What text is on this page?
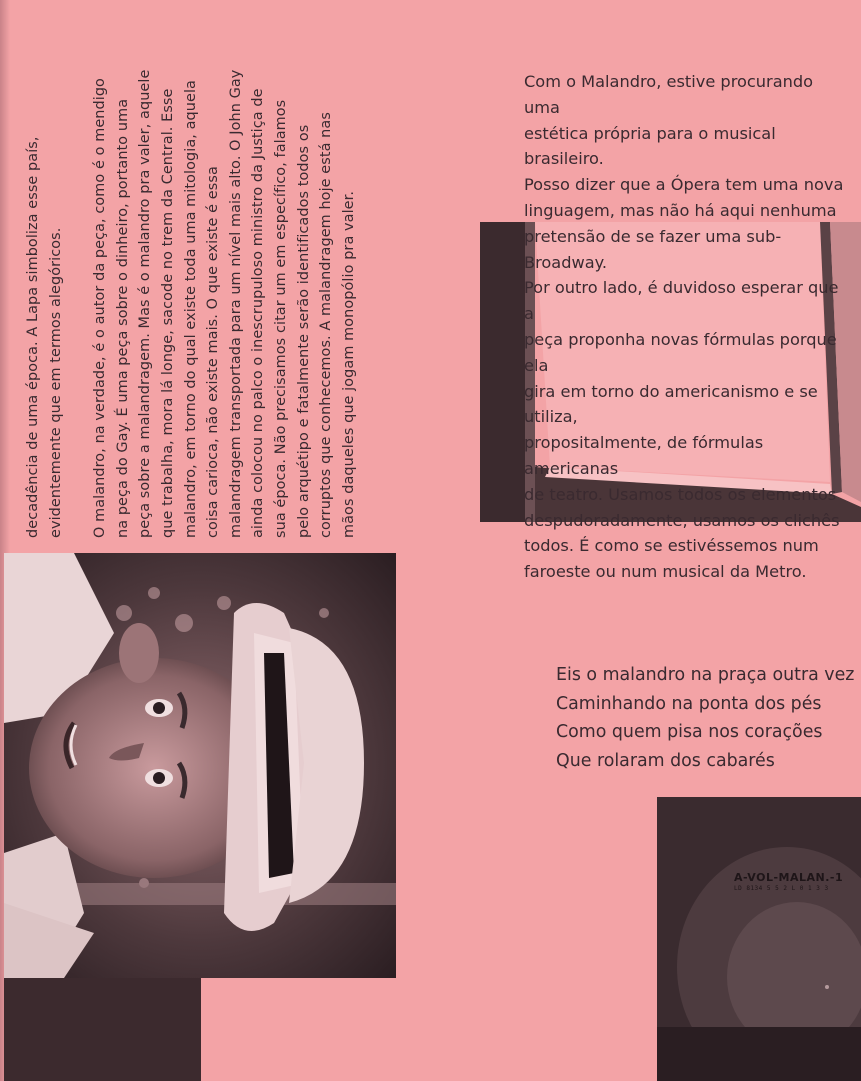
decadência de uma época. A Lapa simboliza esse país, evidentemente que em termos alegóricos. O malandro, na verdade, é o autor da peça, como é o mendigo na peça do Gay. É uma peça sobre o dinheiro, portanto uma peça sobre a malandragem. Mas é o malandro pra valer, aquele que trabalha, mora lá longe, sacode no trem da Central. Esse malandro, em torno do qual existe toda uma mitologia, aquela coisa carioca, não existe mais. O que existe é essa malandragem transportada para um nível mais alto. O John Gay ainda colocou no palco o inescrupuloso ministro da Justiça de sua época. Não precisamos citar um em específico, falamos pelo arquétipo e fatalmente serão identificados todos os corruptos que conhecemos. A malandragem hoje está nas mãos daqueles que jogam monopólio pra valer.

Com o Malandro, estive procurando uma

estética própria para o musical brasileiro.

Posso dizer que a Ópera tem uma nova

linguagem, mas não há aqui nenhuma

pretensão de se fazer uma sub-Broadway.

Por outro lado, é duvidoso esperar que a

peça proponha novas fórmulas porque ela

gira em torno do americanismo e se utiliza,

propositalmente, de fórmulas americanas

de teatro. Usamos todos os elementos

despudoradamente, usamos os clichês

todos. É como se estivéssemos num

faroeste ou num musical da Metro.

Eis o malandro na praça outra vez
Caminhando na ponta dos pés
Como quem pisa nos corações
Que rolaram dos cabarés
A-VOL-MALAN.-1
LD 8134 5 5 2 L 0 1 3 3
